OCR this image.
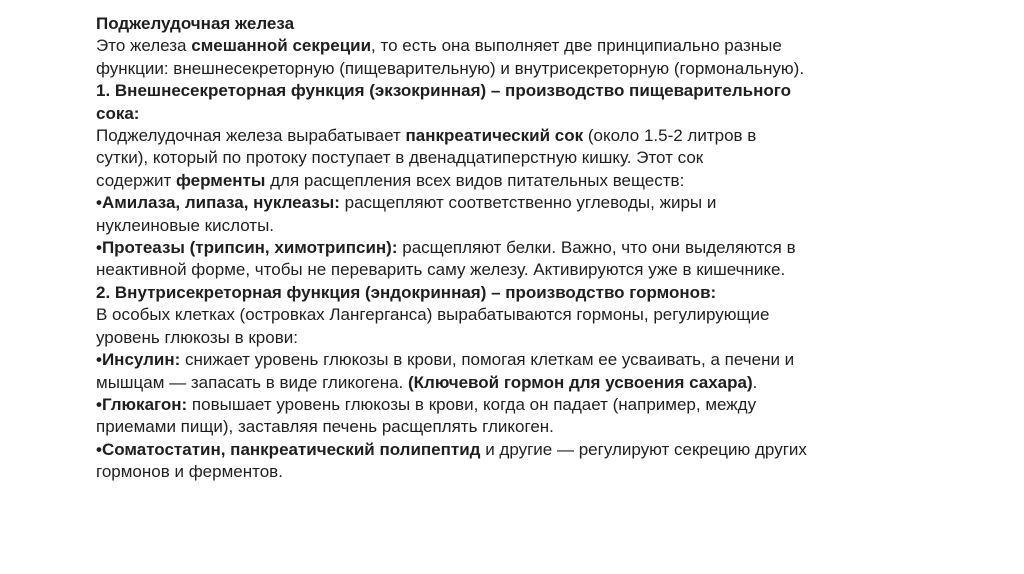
Поджелудочная железа
Это железа смешанной секреции, то есть она выполняет две принципиально разные
функции: внешнесекреторную (пищеварительную) и внутрисекреторную (гормональную).
1. Внешнесекреторная функция (экзокринная) – производство пищеварительного
сока:
Поджелудочная железа вырабатывает панкреатический сок (около 1.5-2 литров в
сутки), который по протоку поступает в двенадцатиперстную кишку. Этот сок
содержит ферменты для расщепления всех видов питательных веществ:
•Амилаза, липаза, нуклеазы: расщепляют соответственно углеводы, жиры и
нуклеиновые кислоты.
•Протеазы (трипсин, химотрипсин): расщепляют белки. Важно, что они выделяются в
неактивной форме, чтобы не переварить саму железу. Активируются уже в кишечнике.
2. Внутрисекреторная функция (эндокринная) – производство гормонов:
В особых клетках (островках Лангерганса) вырабатываются гормоны, регулирующие
уровень глюкозы в крови:
•Инсулин: снижает уровень глюкозы в крови, помогая клеткам ее усваивать, а печени и
мышцам — запасать в виде гликогена. (Ключевой гормон для усвоения сахара).
•Глюкагон: повышает уровень глюкозы в крови, когда он падает (например, между
приемами пищи), заставляя печень расщеплять гликоген.
•Соматостатин, панкреатический полипептид и другие — регулируют секрецию других
гормонов и ферментов.
